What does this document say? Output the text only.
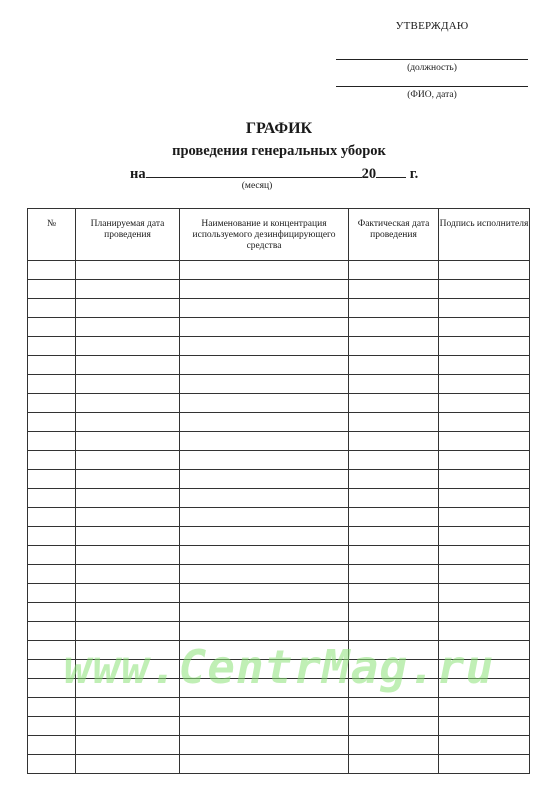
УТВЕРЖДАЮ
(должность)
(ФИО, дата)
ГРАФИК
проведения генеральных уборок
на	20 г.
(месяц)
№	Планируемая дата проведения	Наименование и концентрация используемого дезинфицирующего средства	Фактическая дата проведения	Подпись исполнителя

www.CentrMag.ru
